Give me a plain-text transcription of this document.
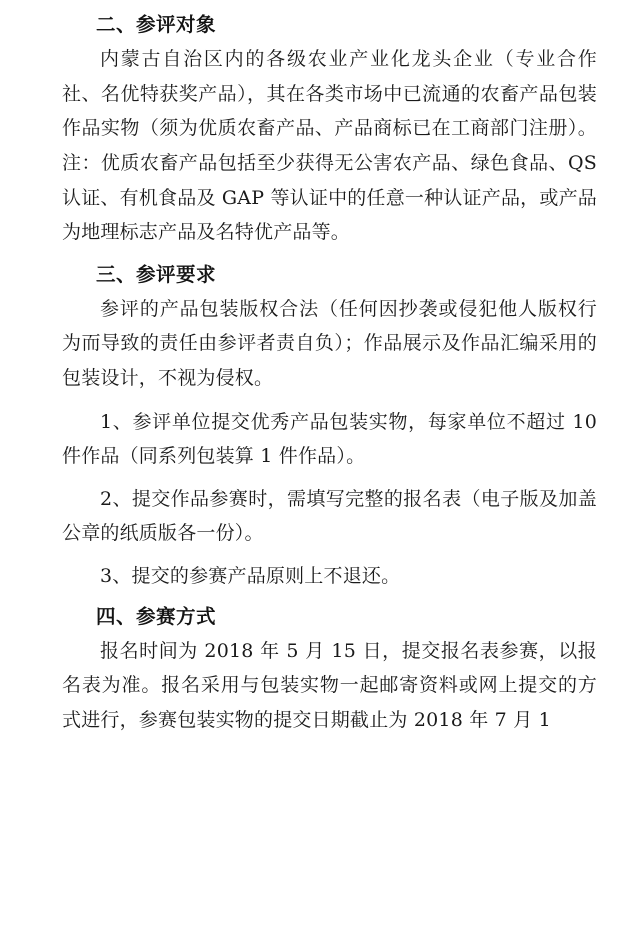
二、参评对象

内蒙古自治区内的各级农业产业化龙头企业（专业合作社、名优特获奖产品），其在各类市场中已流通的农畜产品包装作品实物（须为优质农畜产品、产品商标已在工商部门注册）。注：优质农畜产品包括至少获得无公害农产品、绿色食品、QS 认证、有机食品及 GAP 等认证中的任意一种认证产品，或产品为地理标志产品及名特优产品等。

三、参评要求

参评的产品包装版权合法（任何因抄袭或侵犯他人版权行为而导致的责任由参评者责自负）；作品展示及作品汇编采用的包装设计，不视为侵权。

1、参评单位提交优秀产品包装实物，每家单位不超过 10 件作品（同系列包装算 1 件作品）。

2、提交作品参赛时，需填写完整的报名表（电子版及加盖公章的纸质版各一份）。

3、提交的参赛产品原则上不退还。

四、参赛方式

报名时间为 2018 年 5 月 15 日，提交报名表参赛，以报名表为准。报名采用与包装实物一起邮寄资料或网上提交的方式进行，参赛包装实物的提交日期截止为 2018 年 7 月 1
